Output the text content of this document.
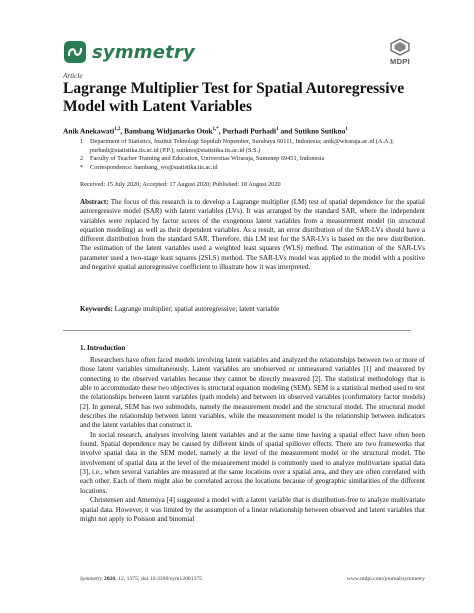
symmetry	MDPI
Article
Lagrange Multiplier Test for Spatial Autoregressive Model with Latent Variables
Anik Anekawati$^{1,2}$, Bambang Widjanarko Otok$^{1,*}$, Purhadi Purhadi$^1$ and Sutikno Sutikno$^1$
1 Department of Statistics, Institut Teknologi Sepuluh Nopember, Surabaya 60111, Indonesia; anik@wiraraja.ac.id (A.A.); purhadi@statistika.its.ac.id (P.P.); sutikno@statistika.its.ac.id (S.S.)
2 Faculty of Teacher Training and Education, Universitas Wiraraja, Sumenep 69451, Indonesia
* Correspondence: bambang_wo@statistika.its.ac.id
Received: 15 July 2020; Accepted: 17 August 2020; Published: 18 August 2020
Abstract: The focus of this research is to develop a Lagrange multiplier (LM) test of spatial dependence for the spatial autoregressive model (SAR) with latent variables (LVs). It was arranged by the standard SAR, where the independent variables were replaced by factor scores of the exogenous latent variables from a measurement model (in structural equation modeling) as well as their dependent variables. As a result, an error distribution of the SAR-LVs should have a different distribution from the standard SAR. Therefore, this LM test for the SAR-LVs is based on the new distribution. The estimation of the latent variables used a weighted least squares (WLS) method. The estimation of the SAR-LVs parameter used a two-stage least squares (2SLS) method. The SAR-LVs model was applied to the model with a positive and negative spatial autoregressive coefficient to illustrate how it was interpreted.
Keywords: Lagrange multiplier; spatial autoregressive; latent variable
1. Introduction

Researchers have often faced models involving latent variables and analyzed the relationships between two or more of those latent variables simultaneously. Latent variables are unobserved or unmeasured variables [1] and measured by connecting to the observed variables because they cannot be directly measured [2]. The statistical methodology that is able to accommodate these two objectives is structural equation modeling (SEM). SEM is a statistical method used to test the relationships between latent variables (path models) and between its observed variables (confirmatory factor models) [2]. In general, SEM has two submodels, namely the measurement model and the structural model. The structural model describes the relationship between latent variables, while the measurement model is the relationship between indicators and the latent variables that construct it.

In social research, analyses involving latent variables and at the same time having a spatial effect have often been found. Spatial dependence may be caused by different kinds of spatial spillover effects. There are two frameworks that involve spatial data in the SEM model, namely at the level of the measurement model or the structural model. The involvement of spatial data at the level of the measurement model is commonly used to analyze multivariate spatial data [3], i.e., when several variables are measured at the same locations over a spatial area, and they are often correlated with each other. Each of them might also be correlated across the locations because of geographic similarities of the different locations.

Christensen and Amemiya [4] suggested a model with a latent variable that is distribution-free to analyze multivariate spatial data. However, it was limited by the assumption of a linear relationship between observed and latent variables that might not apply to Poisson and binomial

Symmetry 2020, 12, 1375; doi:10.3390/sym12081375	www.mdpi.com/journal/symmetry
